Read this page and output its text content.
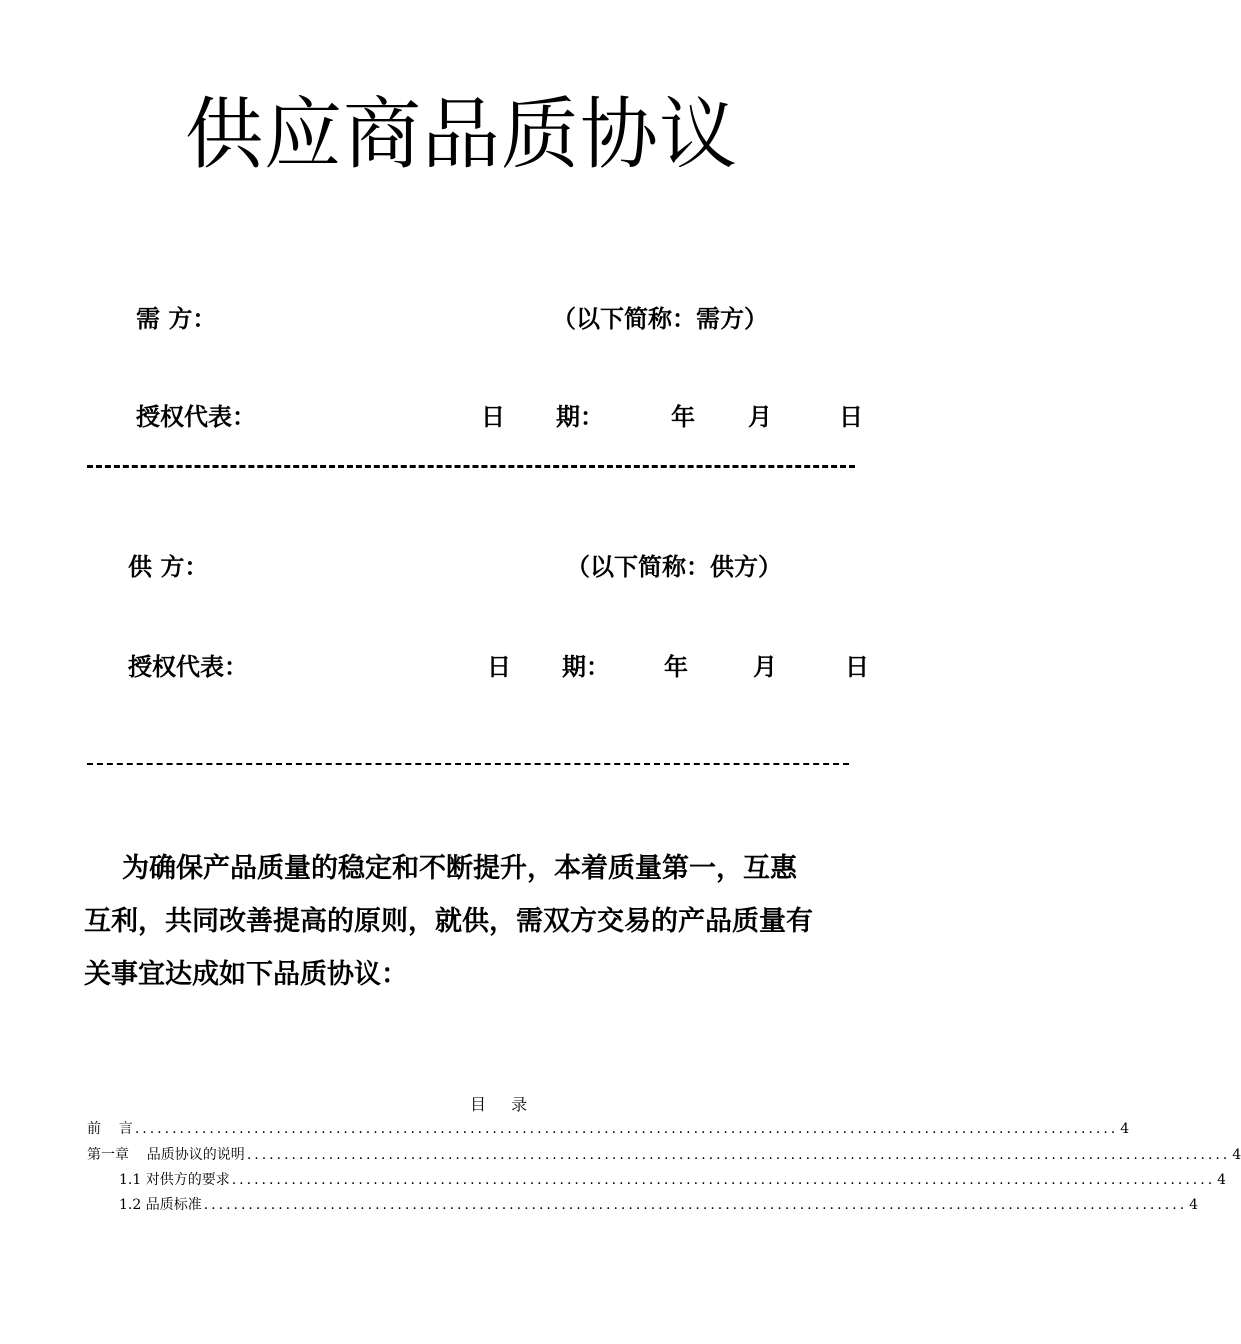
供应商品质协议
需 方：	（以下简称：需方）
授权代表：	日 期：	年 月	日
供 方：	（以下简称：供方）
授权代表：	日 期： 年	月	日
为确保产品质量的稳定和不断提升，本着质量第一，互惠
互利，共同改善提高的原则，就供，需双方交易的产品质量有
关事宜达成如下品质协议：
目 录
前    言 .................................................................................................................................... 4
第一章    品质协议的说明 .................................................................................................................................... 4
1.1 对供方的要求 .................................................................................................................................... 4
1.2 品质标准 .................................................................................................................................... 4
